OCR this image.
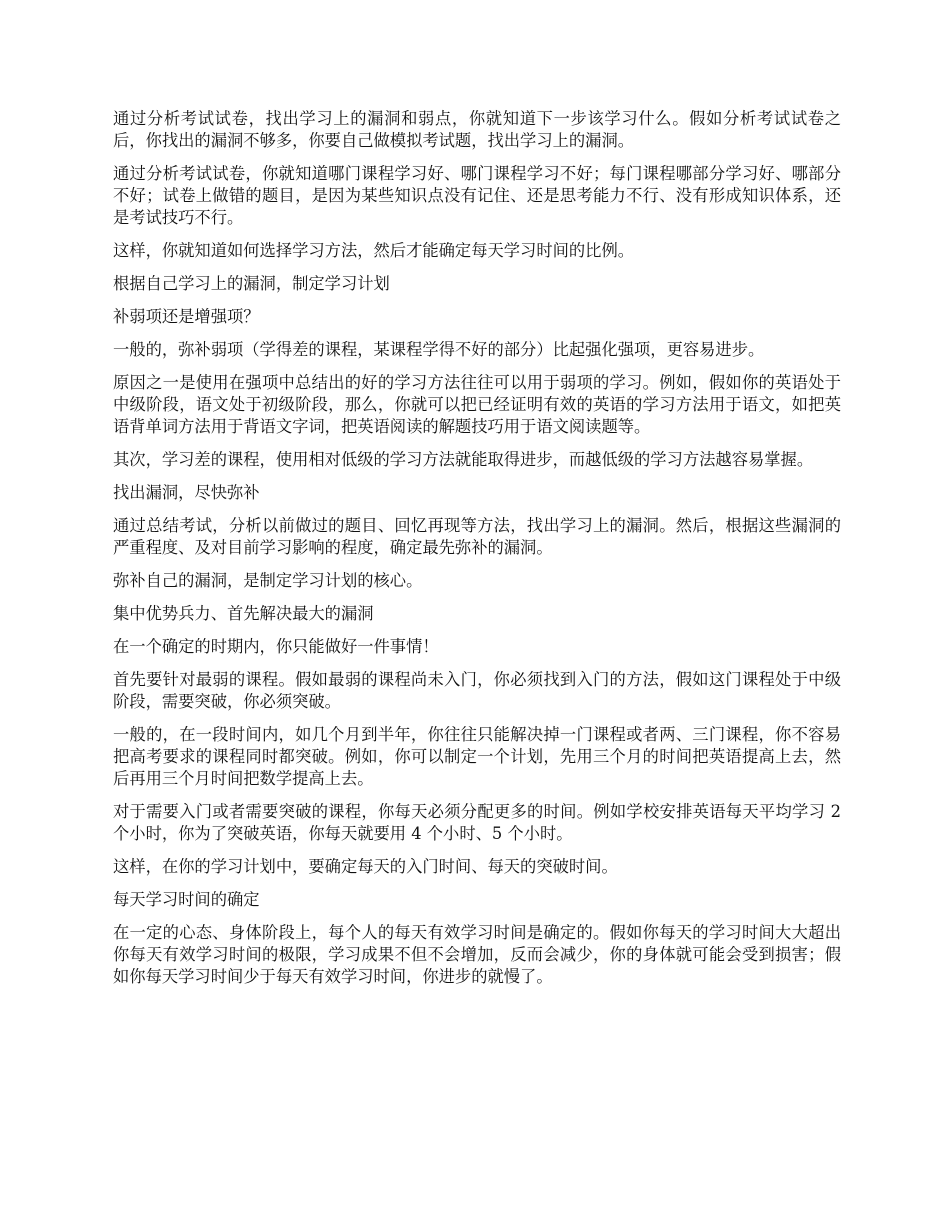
通过分析考试试卷，找出学习上的漏洞和弱点，你就知道下一步该学习什么。假如分析考试试卷之后，你找出的漏洞不够多，你要自己做模拟考试题，找出学习上的漏洞。

通过分析考试试卷，你就知道哪门课程学习好、哪门课程学习不好；每门课程哪部分学习好、哪部分不好；试卷上做错的题目，是因为某些知识点没有记住、还是思考能力不行、没有形成知识体系，还是考试技巧不行。

这样，你就知道如何选择学习方法，然后才能确定每天学习时间的比例。

根据自己学习上的漏洞，制定学习计划

补弱项还是增强项？

一般的，弥补弱项（学得差的课程，某课程学得不好的部分）比起强化强项，更容易进步。

原因之一是使用在强项中总结出的好的学习方法往往可以用于弱项的学习。例如，假如你的英语处于中级阶段，语文处于初级阶段，那么，你就可以把已经证明有效的英语的学习方法用于语文，如把英语背单词方法用于背语文字词，把英语阅读的解题技巧用于语文阅读题等。

其次，学习差的课程，使用相对低级的学习方法就能取得进步，而越低级的学习方法越容易掌握。

找出漏洞，尽快弥补

通过总结考试，分析以前做过的题目、回忆再现等方法，找出学习上的漏洞。然后，根据这些漏洞的严重程度、及对目前学习影响的程度，确定最先弥补的漏洞。

弥补自己的漏洞，是制定学习计划的核心。

集中优势兵力、首先解决最大的漏洞

在一个确定的时期内，你只能做好一件事情！

首先要针对最弱的课程。假如最弱的课程尚未入门，你必须找到入门的方法，假如这门课程处于中级阶段，需要突破，你必须突破。

一般的，在一段时间内，如几个月到半年，你往往只能解决掉一门课程或者两、三门课程，你不容易把高考要求的课程同时都突破。例如，你可以制定一个计划，先用三个月的时间把英语提高上去，然后再用三个月时间把数学提高上去。

对于需要入门或者需要突破的课程，你每天必须分配更多的时间。例如学校安排英语每天平均学习 2 个小时，你为了突破英语，你每天就要用 4 个小时、5 个小时。

这样，在你的学习计划中，要确定每天的入门时间、每天的突破时间。

每天学习时间的确定

在一定的心态、身体阶段上，每个人的每天有效学习时间是确定的。假如你每天的学习时间大大超出你每天有效学习时间的极限，学习成果不但不会增加，反而会减少，你的身体就可能会受到损害；假如你每天学习时间少于每天有效学习时间，你进步的就慢了。
